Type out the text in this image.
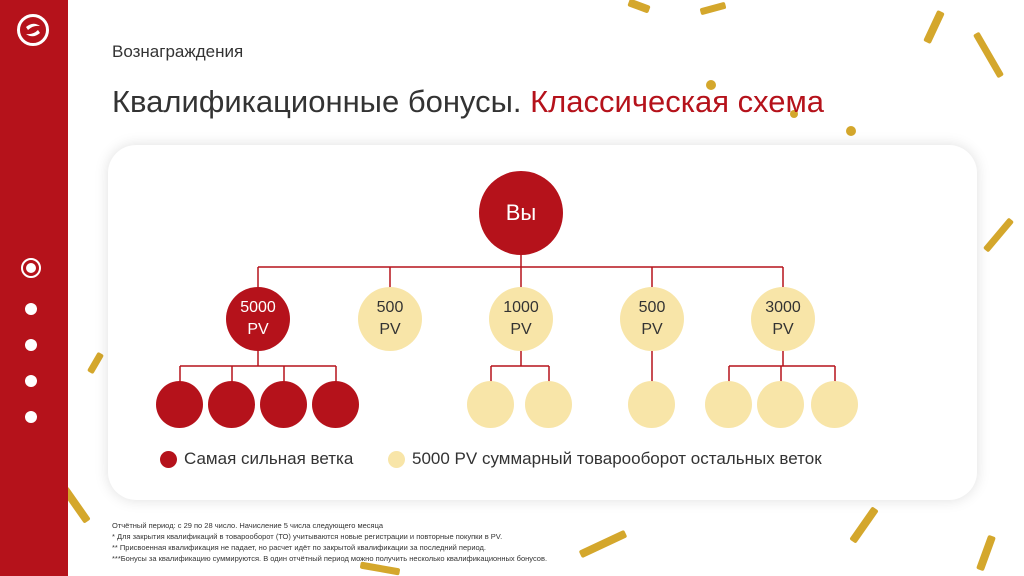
Вознаграждения
Квалификационные бонусы. Классическая схема
Вы
5000
PV
500
PV
1000
PV
500
PV
3000
PV
Самая сильная ветка	5000 PV суммарный товарооборот остальных веток
Отчётный период: с 29 по 28 число. Начисление 5 числа следующего месяца
* Для закрытия квалификаций в товарооборот (ТО) учитываются новые регистрации и повторные покупки в PV.
** Присвоенная квалификация не падает, но расчет идёт по закрытой квалификации за последний период.
***Бонусы за квалификацию суммируются. В один отчётный период можно получить несколько квалификационных бонусов.
